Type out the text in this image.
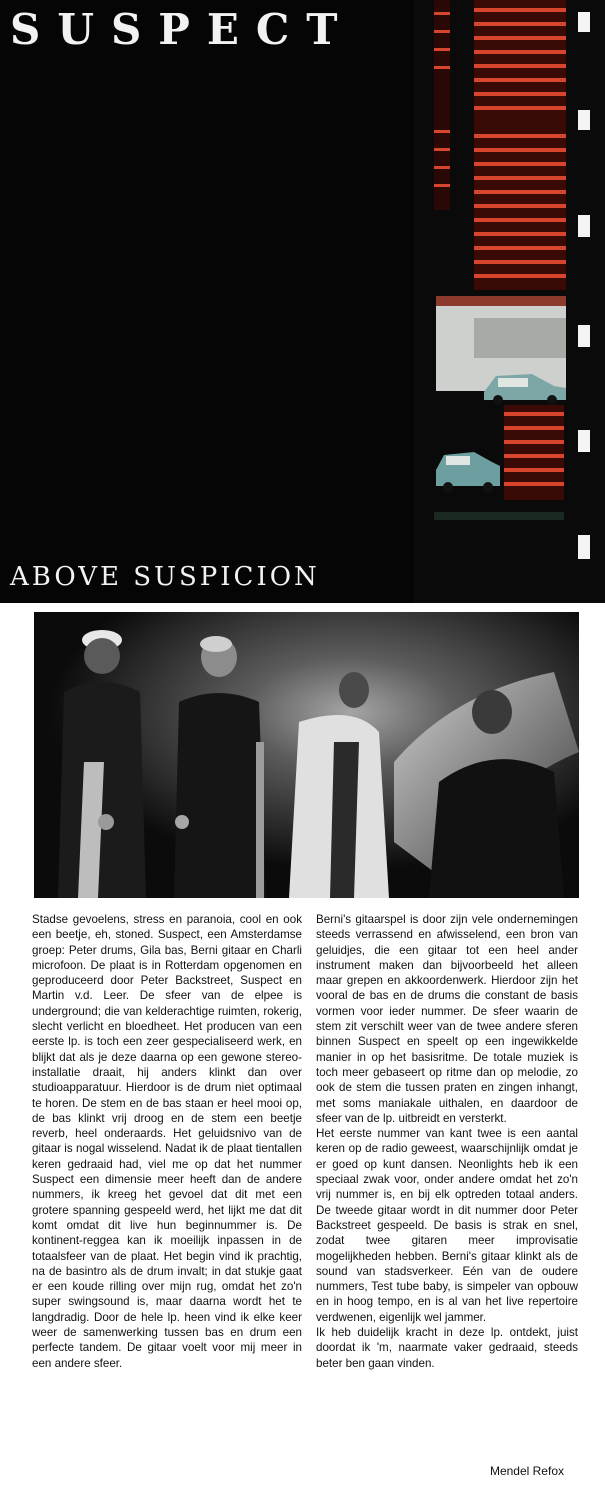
SUSPECT
ABOVE SUSPICION

Stadse gevoelens, stress en paranoia, cool en ook een beetje, eh, stoned. Suspect, een Amsterdamse groep: Peter drums, Gila bas, Berni gitaar en Charli microfoon. De plaat is in Rotterdam opgenomen en geproduceerd door Peter Backstreet, Suspect en Martin v.d. Leer. De sfeer van de elpee is underground; die van kelderachtige ruimten, rokerig, slecht verlicht en bloedheet. Het producen van een eerste lp. is toch een zeer gespecialiseerd werk, en blijkt dat als je deze daarna op een gewone stereo-installatie draait, hij anders klinkt dan over studioapparatuur. Hierdoor is de drum niet optimaal te horen. De stem en de bas staan er heel mooi op, de bas klinkt vrij droog en de stem een beetje reverb, heel onderaards. Het geluidsnivo van de gitaar is nogal wisselend. Nadat ik de plaat tientallen keren gedraaid had, viel me op dat het nummer Suspect een dimensie meer heeft dan de andere nummers, ik kreeg het gevoel dat dit met een grotere spanning gespeeld werd, het lijkt me dat dit komt omdat dit live hun beginnummer is. De kontinent-reggea kan ik moeilijk inpassen in de totaalsfeer van de plaat. Het begin vind ik prachtig, na de basintro als de drum invalt; in dat stukje gaat er een koude rilling over mijn rug, omdat het zo'n super swingsound is, maar daarna wordt het te langdradig. Door de hele lp. heen vind ik elke keer weer de samenwerking tussen bas en drum een perfecte tandem. De gitaar voelt voor mij meer in een andere sfeer.

Berni's gitaarspel is door zijn vele ondernemingen steeds verrassend en afwisselend, een bron van geluidjes, die een gitaar tot een heel ander instrument maken dan bijvoorbeeld het alleen maar grepen en akkoordenwerk. Hierdoor zijn het vooral de bas en de drums die constant de basis vormen voor ieder nummer. De sfeer waarin de stem zit verschilt weer van de twee andere sferen binnen Suspect en speelt op een ingewikkelde manier in op het basisritme. De totale muziek is toch meer gebaseert op ritme dan op melodie, zo ook de stem die tussen praten en zingen inhangt, met soms maniakale uithalen, en daardoor de sfeer van de lp. uitbreidt en versterkt.

Het eerste nummer van kant twee is een aantal keren op de radio geweest, waarschijnlijk omdat je er goed op kunt dansen. Neonlights heb ik een speciaal zwak voor, onder andere omdat het zo'n vrij nummer is, en bij elk optreden totaal anders. De tweede gitaar wordt in dit nummer door Peter Backstreet gespeeld. De basis is strak en snel, zodat twee gitaren meer improvisatie mogelijkheden hebben. Berni's gitaar klinkt als de sound van stadsverkeer. Eén van de oudere nummers, Test tube baby, is simpeler van opbouw en in hoog tempo, en is al van het live repertoire verdwenen, eigenlijk wel jammer.

Ik heb duidelijk kracht in deze lp. ontdekt, juist doordat ik 'm, naarmate vaker gedraaid, steeds beter ben gaan vinden.

Mendel Refox
